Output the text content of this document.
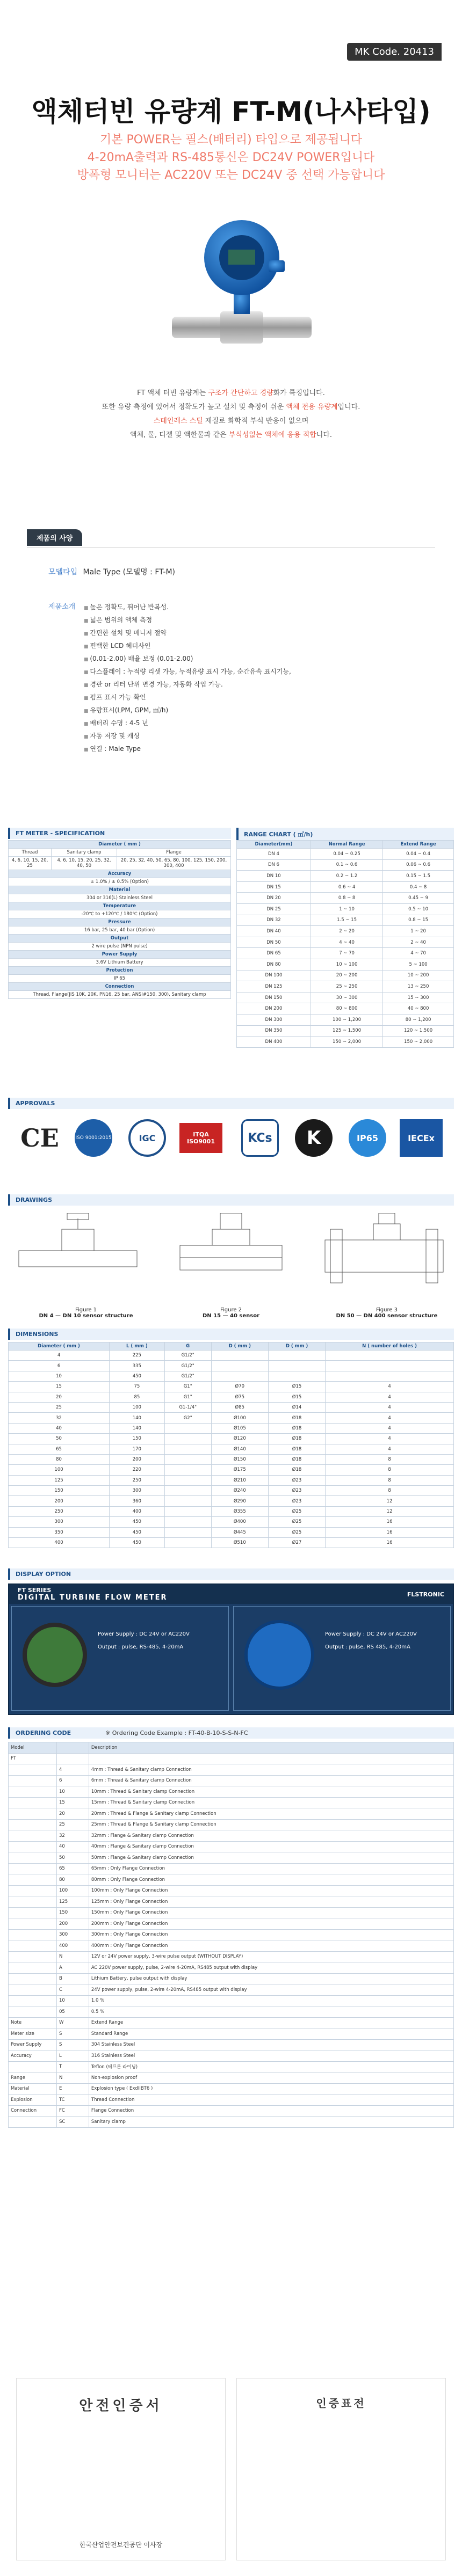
MK Code. 20413
액체터빈 유량계 FT-M(나사타입)
기본 POWER는 필스(배터리) 타입으로 제공됩니다
4-20mA출력과 RS-485통신은 DC24V POWER입니다
방폭형 모니터는 AC220V 또는 DC24V 중 선택 가능합니다
FT 액체 터빈 유량계는 구조가 간단하고 경량화가 특징입니다.
또한 유량 측정에 있어서 정확도가 높고 설치 및 측정이 쉬운 액체 전용 유량계입니다.
스테인레스 스틸 재질로 화학적 부식 반응이 없으며
액체, 물, 디젤 및 액한물과 같은 부식성없는 액체에 응용 적합니다.
제품의 사양
모델타입 Male Type (모델명 : FT-M)
제품소개	■ 높은 정확도, 뛰어난 반복성.
■ 넓은 범위의 액체 측정
■ 간편한 설치 및 메니저 절약
■ 편백한 LCD 헤더사인
■ (0.01-2.00) 배율 보정 (0.01-2.00)
■ 다스플레이 : 누적량 리셋 가능, 누적유량 표시 가능, 순간유속 표시기능,
■ 경판 or 리터 단위 변경 가능, 자동화 작업 가능.
■ 펌프 표시 가능 확인
■ 유량표시(LPM, GPM, ㎥/h)
■ 배터리 수명 : 4-5 년
■ 자동 저장 및 캐싱
■ 연결 : Male Type
FT METER - SPECIFICATION	RANGE CHART ( ㎥/h)
Diameter ( mm )		
Thread	Sanitary clamp	Flange
4, 6, 10, 15, 20, 25	4, 6, 10, 15, 20, 25, 32, 40, 50	20, 25, 32, 40, 50, 65, 80, 100, 125, 150, 200, 300, 400
Accuracy		
± 1.0% / ± 0.5% (Option)		
Material		
304 or 316(L) Stainless Steel		
Temperature		
-20℃ to +120℃ / 180℃ (Option)		
Pressure		
16 bar, 25 bar, 40 bar (Option)		
Output		
2 wire pulse (NPN pulse)		
Power Supply		
3.6V Lithium Battery		
Protection		
IP 65		
Connection		
Thread, Flange(JIS 10K, 20K, PN16, 25 bar, ANSI#150, 300), Sanitary clamp		
Diameter(mm)	Normal Range	Extend Range
DN 4	0.04 ~ 0.25	0.04 ~ 0.4
DN 6	0.1 ~ 0.6	0.06 ~ 0.6
DN 10	0.2 ~ 1.2	0.15 ~ 1.5
DN 15	0.6 ~ 4	0.4 ~ 8
DN 20	0.8 ~ 8	0.45 ~ 9
DN 25	1 ~ 10	0.5 ~ 10
DN 32	1.5 ~ 15	0.8 ~ 15
DN 40	2 ~ 20	1 ~ 20
DN 50	4 ~ 40	2 ~ 40
DN 65	7 ~ 70	4 ~ 70
DN 80	10 ~ 100	5 ~ 100
DN 100	20 ~ 200	10 ~ 200
DN 125	25 ~ 250	13 ~ 250
DN 150	30 ~ 300	15 ~ 300
DN 200	80 ~ 800	40 ~ 800
DN 300	100 ~ 1,200	80 ~ 1,200
DN 350	125 ~ 1,500	120 ~ 1,500
DN 400	150 ~ 2,000	150 ~ 2,000
APPROVALS
CE	ISO 9001:2015	IGC	ITQA ISO9001	KCs	K	IP65	IECEx
DRAWINGS
Figure 1
DN 4 — DN 10 sensor structure
Figure 2
DN 15 — 40 sensor
Figure 3
DN 50 — DN 400 sensor structure
DIMENSIONS
Diameter ( mm )	L ( mm )	G	D ( mm )	D ( mm )	N ( number of holes )
4	225	G1/2"			
6	335	G1/2"			
10	450	G1/2"			
15	75	G1"	Ø70	Ø15	4
20	85	G1"	Ø75	Ø15	4
25	100	G1-1/4"	Ø85	Ø14	4
32	140	G2"	Ø100	Ø18	4
40	140		Ø105	Ø18	4
50	150		Ø120	Ø18	4
65	170		Ø140	Ø18	4
80	200		Ø150	Ø18	8
100	220		Ø175	Ø18	8
125	250		Ø210	Ø23	8
150	300		Ø240	Ø23	8
200	360		Ø290	Ø23	12
250	400		Ø355	Ø25	12
300	450		Ø400	Ø25	16
350	450		Ø445	Ø25	16
400	450		Ø510	Ø27	16
DISPLAY OPTION
FT SERIES
DIGITAL TURBINE FLOW METER	FLSTRONIC
Power Supply : DC 24V or AC220V
Output : pulse, RS-485, 4-20mA
Power Supply : DC 24V or AC220V
Output : pulse, RS 485, 4-20mA
ORDERING CODE	※ Ordering Code Example : FT-40-B-10-S-S-N-FC
Model		Description
FT		
	4	4mm : Thread & Sanitary clamp Connection
	6	6mm : Thread & Sanitary clamp Connection
	10	10mm : Thread & Sanitary clamp Connection
	15	15mm : Thread & Sanitary clamp Connection
	20	20mm : Thread & Flange & Sanitary clamp Connection
	25	25mm : Thread & Flange & Sanitary clamp Connection
	32	32mm : Flange & Sanitary clamp Connection
	40	40mm : Flange & Sanitary clamp Connection
	50	50mm : Flange & Sanitary clamp Connection
	65	65mm : Only Flange Connection
	80	80mm : Only Flange Connection
	100	100mm : Only Flange Connection
	125	125mm : Only Flange Connection
	150	150mm : Only Flange Connection
	200	200mm : Only Flange Connection
	300	300mm : Only Flange Connection
	400	400mm : Only Flange Connection
	N	12V or 24V power supply, 3-wire pulse output (WITHOUT DISPLAY)
	A	AC 220V power supply, pulse, 2-wire 4-20mA, RS485 output with display
	B	Lithium Battery, pulse output with display
	C	24V power supply, pulse, 2-wire 4-20mA, RS485 output with display
	10	1.0 %
	05	0.5 %
Note	W	Extend Range
Meter size	S	Standard Range
Power Supply	S	304 Stainless Steel
Accuracy	L	316 Stainless Steel
	T	Teflon (테프론 라이닝)
Range	N	Non-explosion proof
Material	E	Explosion type ( ExdIIBT6 )
Explosion	TC	Thread Connection
Connection	FC	Flange Connection
	SC	Sanitary clamp
안전인증서
한국산업안전보건공단 이사장
인증표전
